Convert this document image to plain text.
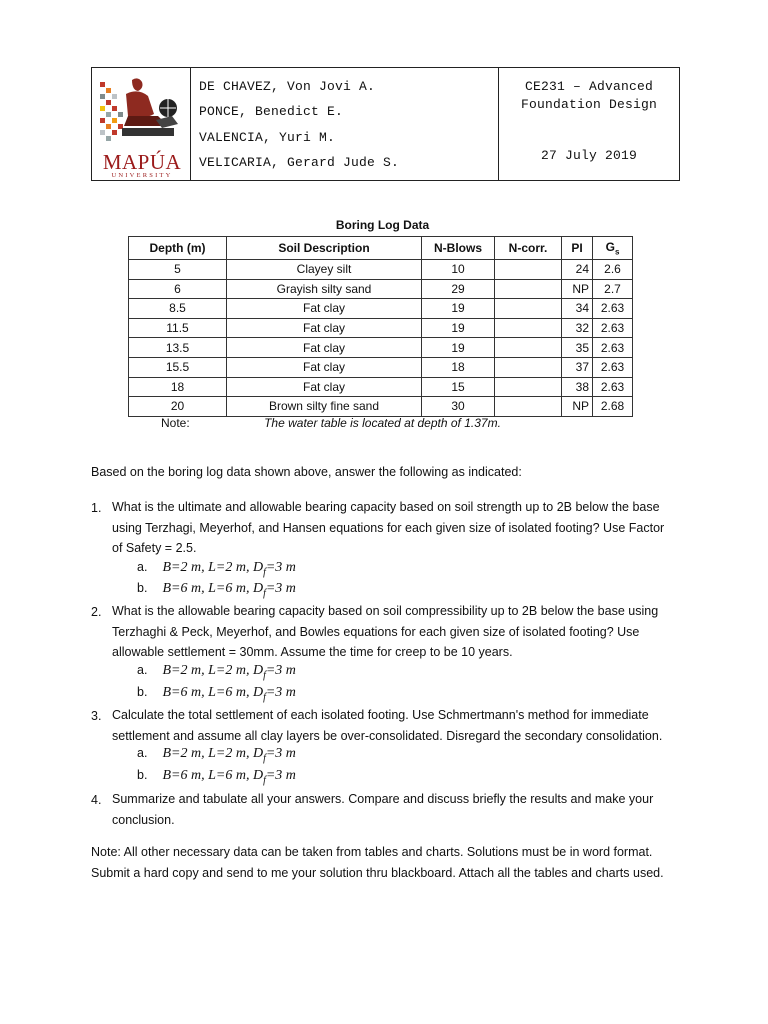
MAPÚA
UNIVERSITY
DE CHAVEZ, Von Jovi A.
PONCE, Benedict E.
VALENCIA, Yuri M.
VELICARIA, Gerard Jude S.
CE231 – Advanced
Foundation Design
27 July 2019
Boring Log Data
Depth (m)	Soil Description	N-Blows	N-corr.	PI	$G_s$
5	Clayey silt	10		24	2.6
6	Grayish silty sand	29		NP	2.7
8.5	Fat clay	19		34	2.63
11.5	Fat clay	19		32	2.63
13.5	Fat clay	19		35	2.63
15.5	Fat clay	18		37	2.63
18	Fat clay	15		38	2.63
20	Brown silty fine sand	30		NP	2.68
Note:	The water table is located at depth of 1.37m.
Based on the boring log data shown above, answer the following as indicated:
1. What is the ultimate and allowable bearing capacity based on soil strength up to 2B below the base
using Terzhagi, Meyerhof, and Hansen equations for each given size of isolated footing? Use Factor
of Safety = 2.5.
a. B=2 m, L=2 m, $D_f=3$ m
b. B=6 m, L=6 m, $D_f=3$ m
2. What is the allowable bearing capacity based on soil compressibility up to 2B below the base using
Terzhaghi & Peck, Meyerhof, and Bowles equations for each given size of isolated footing? Use
allowable settlement = 30mm. Assume the time for creep to be 10 years.
a. B=2 m, L=2 m, $D_f=3$ m
b. B=6 m, L=6 m, $D_f=3$ m
3. Calculate the total settlement of each isolated footing. Use Schmertmann's method for immediate
settlement and assume all clay layers be over-consolidated. Disregard the secondary consolidation.
a. B=2 m, L=2 m, $D_f=3$ m
b. B=6 m, L=6 m, $D_f=3$ m
4. Summarize and tabulate all your answers. Compare and discuss briefly the results and make your
conclusion.
Note: All other necessary data can be taken from tables and charts. Solutions must be in word format.
Submit a hard copy and send to me your solution thru blackboard. Attach all the tables and charts used.
